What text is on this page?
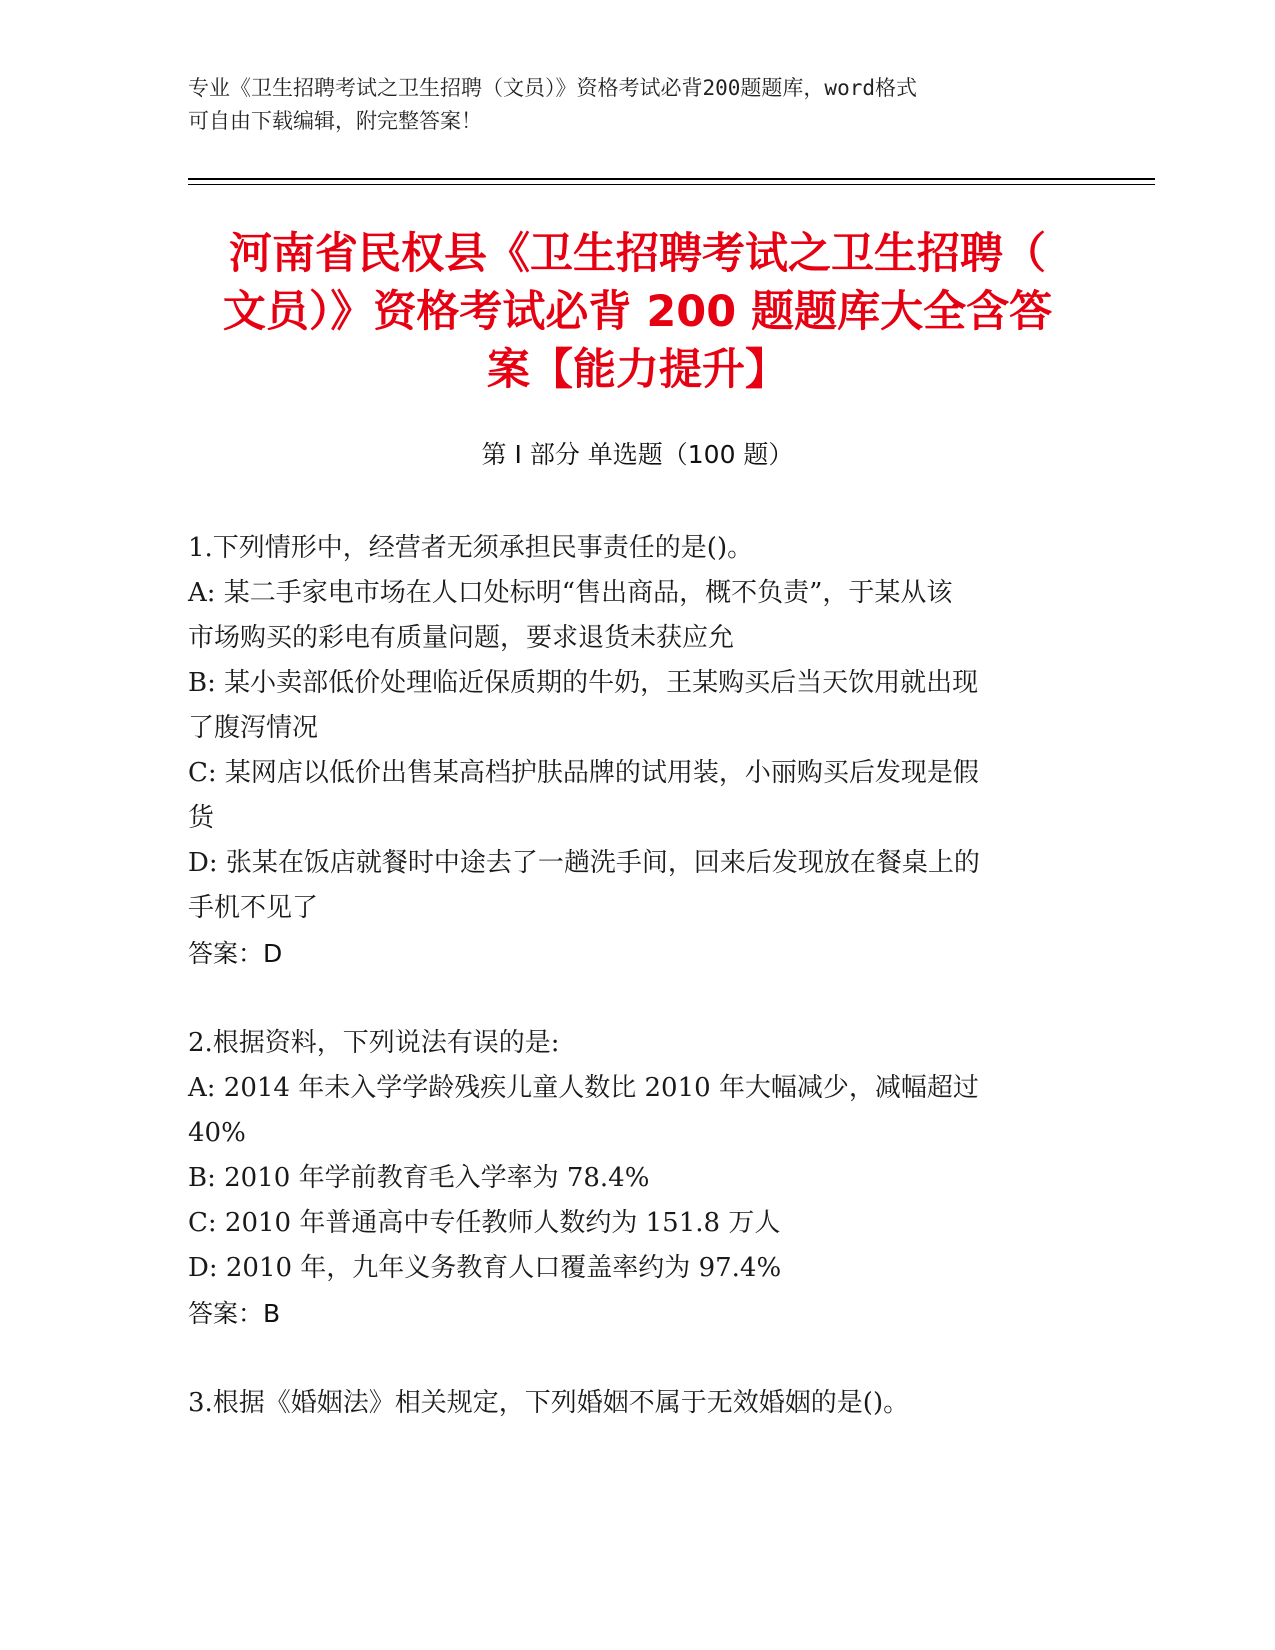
专业《卫生招聘考试之卫生招聘（文员）》资格考试必背200题题库，word格式
可自由下载编辑，附完整答案！
河南省民权县《卫生招聘考试之卫生招聘（
文员）》资格考试必背 200 题题库大全含答
案【能力提升】
第 I 部分 单选题（100 题）
1.下列情形中，经营者无须承担民事责任的是()。
A: 某二手家电市场在人口处标明“售出商品，概不负责”，于某从该
市场购买的彩电有质量问题，要求退货未获应允
B: 某小卖部低价处理临近保质期的牛奶，王某购买后当天饮用就出现
了腹泻情况
C: 某网店以低价出售某高档护肤品牌的试用装，小丽购买后发现是假
货
D: 张某在饭店就餐时中途去了一趟洗手间，回来后发现放在餐桌上的
手机不见了
答案：D
2.根据资料，下列说法有误的是:
A: 2014 年未入学学龄残疾儿童人数比 2010 年大幅减少，减幅超过
40%
B: 2010 年学前教育毛入学率为 78.4%
C: 2010 年普通高中专任教师人数约为 151.8 万人
D: 2010 年，九年义务教育人口覆盖率约为 97.4%
答案：B
3.根据《婚姻法》相关规定，下列婚姻不属于无效婚姻的是()。
